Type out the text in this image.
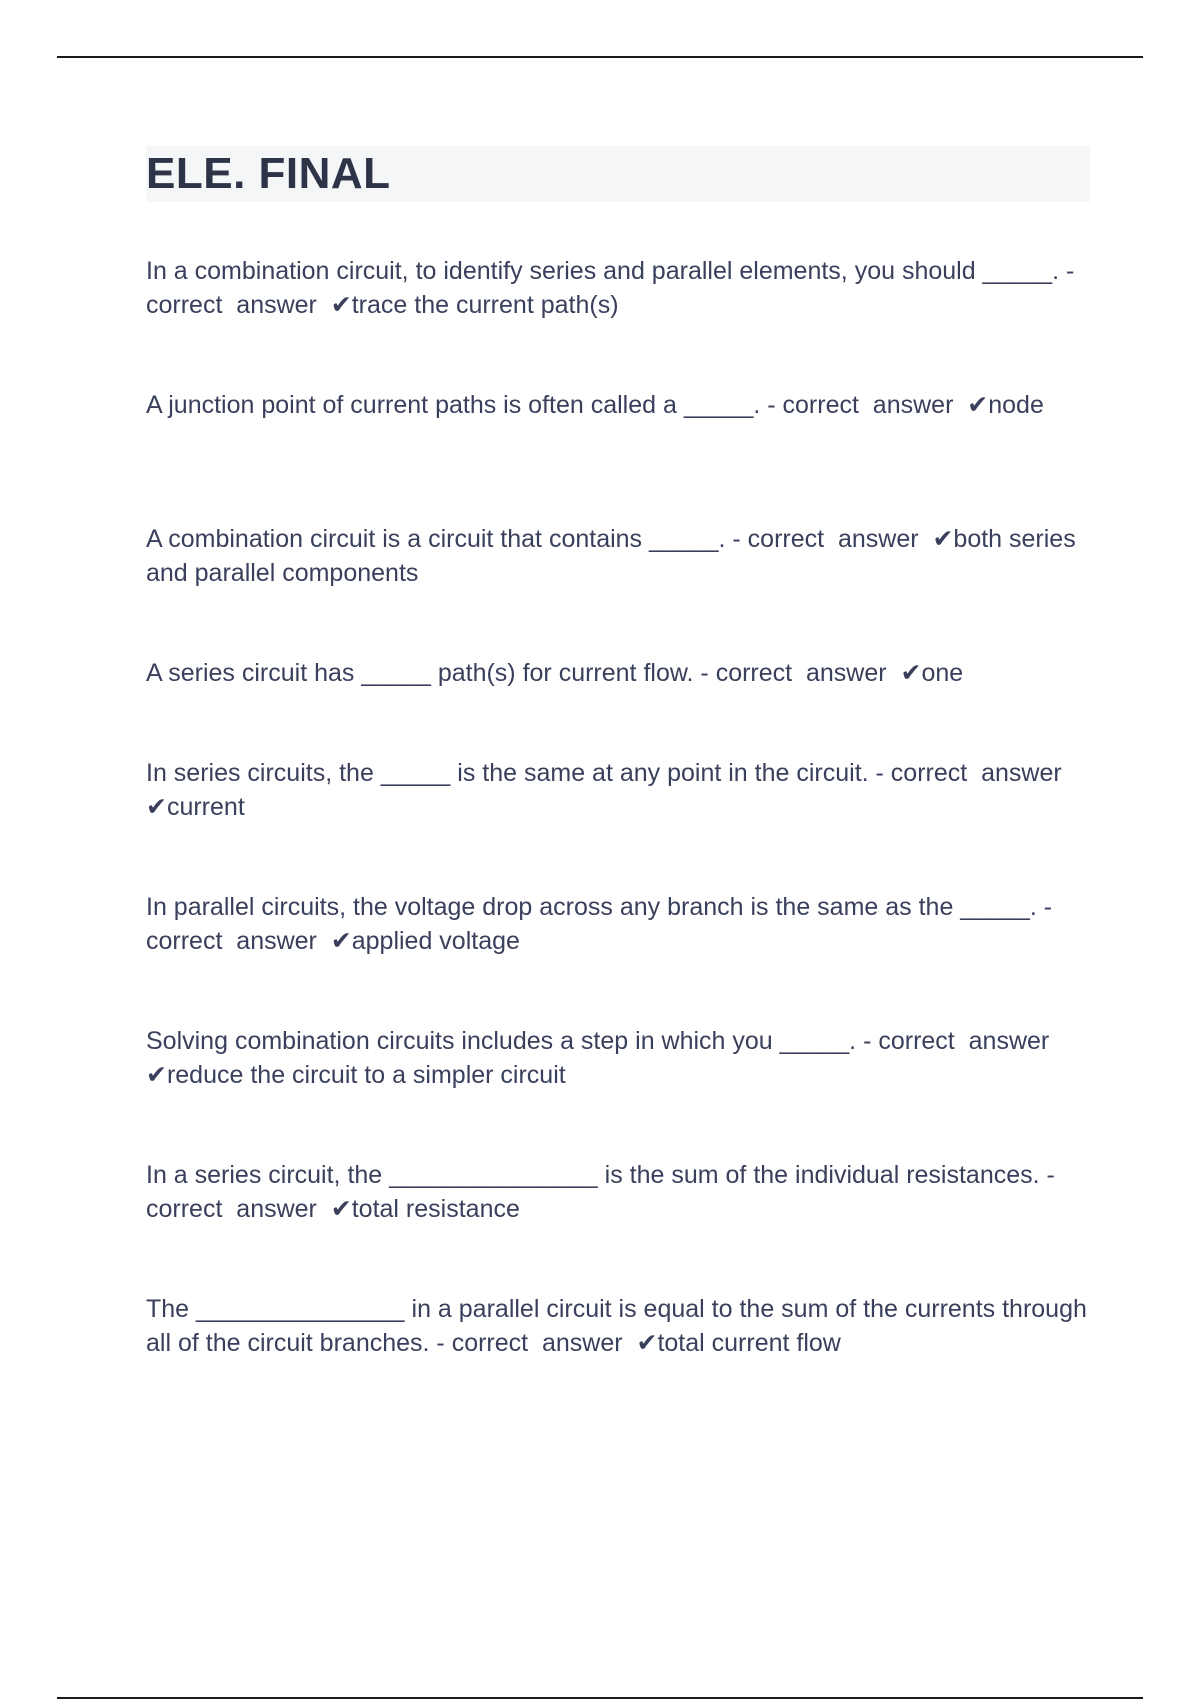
ELE. FINAL

In a combination circuit, to identify series and parallel elements, you should _____. - correct  answer  ✔trace the current path(s)

A junction point of current paths is often called a _____. - correct  answer  ✔node

A combination circuit is a circuit that contains _____. - correct  answer  ✔both series and parallel components

A series circuit has _____ path(s) for current flow. - correct  answer  ✔one

In series circuits, the _____ is the same at any point in the circuit. - correct  answer  ✔current

In parallel circuits, the voltage drop across any branch is the same as the _____. - correct  answer  ✔applied voltage

Solving combination circuits includes a step in which you _____. - correct  answer  ✔reduce the circuit to a simpler circuit

In a series circuit, the _______________ is the sum of the individual resistances. - correct  answer  ✔total resistance

The _______________ in a parallel circuit is equal to the sum of the currents through all of the circuit branches. - correct  answer  ✔total current flow
